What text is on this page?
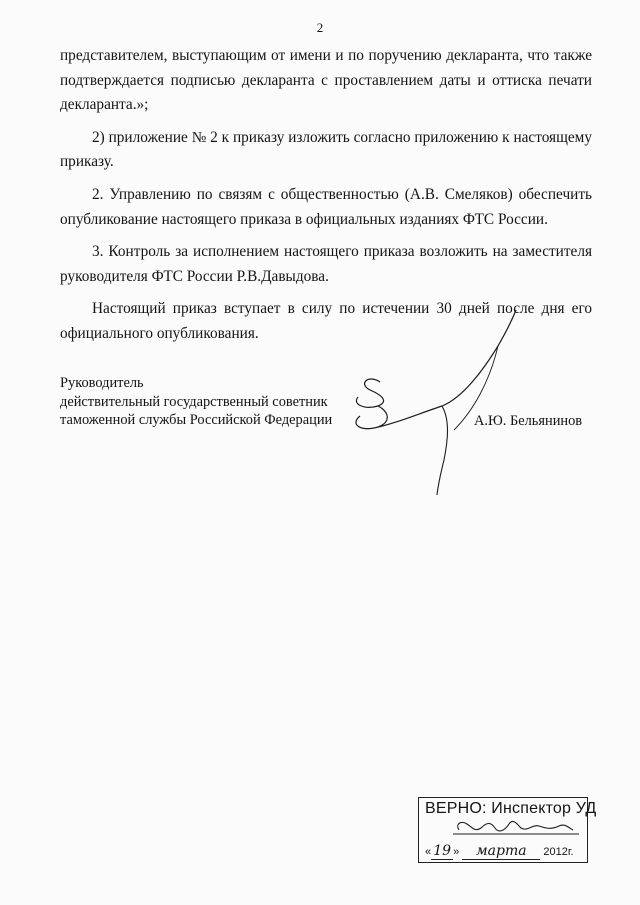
2

представителем, выступающим от имени и по поручению декларанта, что также подтверждается подписью декларанта с проставлением даты и оттиска печати декларанта.»;

2) приложение № 2 к приказу изложить согласно приложению к настоящему приказу.

2. Управлению по связям с общественностью (А.В. Смеляков) обеспечить опубликование настоящего приказа в официальных изданиях ФТС России.

3. Контроль за исполнением настоящего приказа возложить на заместителя руководителя ФТС России Р.В.Давыдова.

Настоящий приказ вступает в силу по истечении 30 дней после дня его официального опубликования.

Руководитель
действительный государственный советник
таможенной службы Российской Федерации	А.Ю. Бельянинов
ВЕРНО: Инспектор УД
« 19 » марта 2012г.
